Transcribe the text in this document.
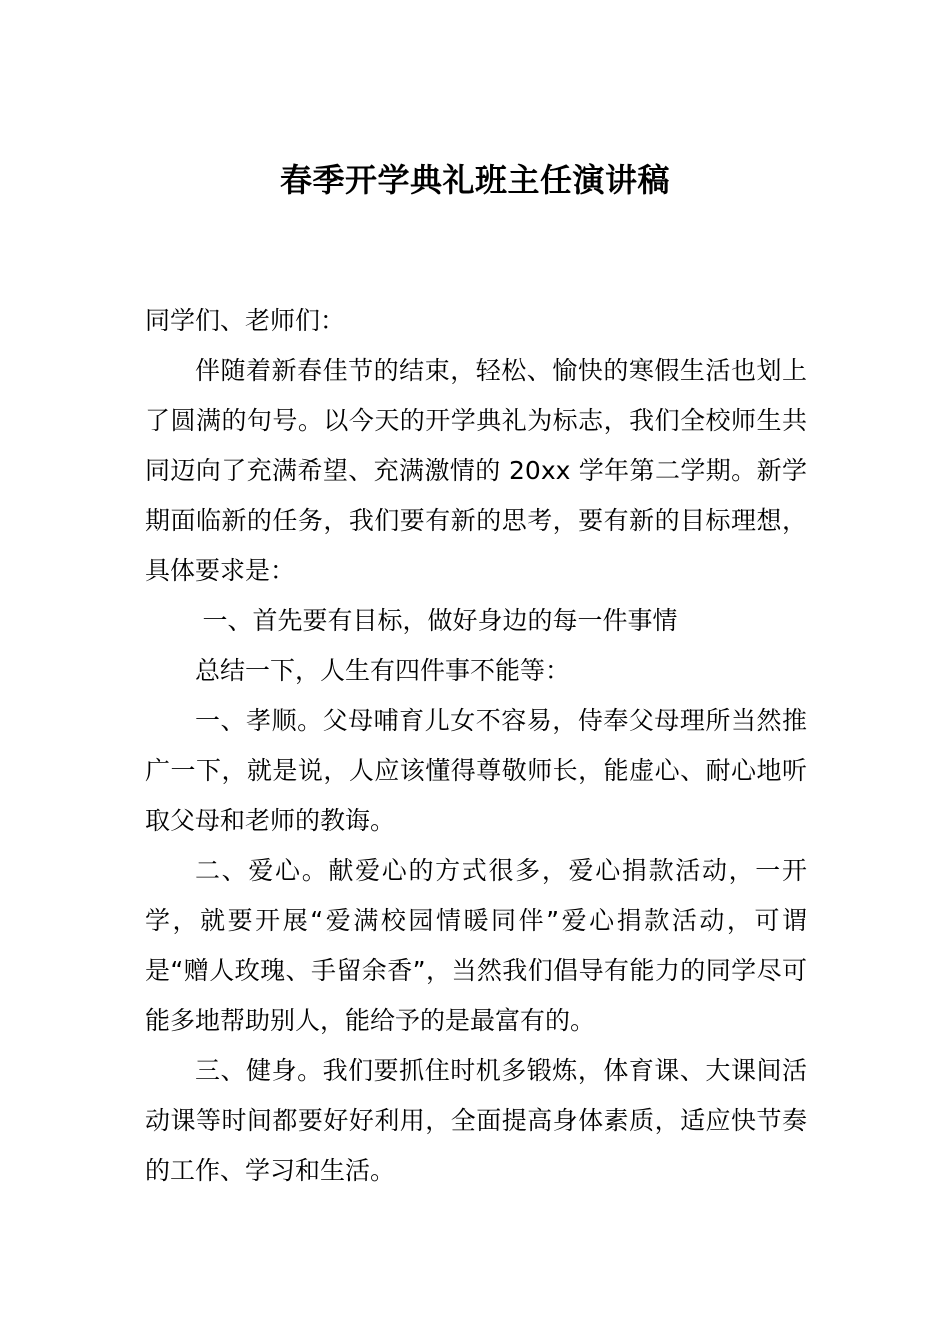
春季开学典礼班主任演讲稿

同学们、老师们：

伴随着新春佳节的结束，轻松、愉快的寒假生活也划上了圆满的句号。以今天的开学典礼为标志，我们全校师生共同迈向了充满希望、充满激情的 20xx 学年第二学期。新学期面临新的任务，我们要有新的思考，要有新的目标理想，具体要求是：

一、首先要有目标，做好身边的每一件事情

总结一下，人生有四件事不能等：

一、孝顺。父母哺育儿女不容易，侍奉父母理所当然推广一下，就是说，人应该懂得尊敬师长，能虚心、耐心地听取父母和老师的教诲。

二、爱心。献爱心的方式很多，爱心捐款活动，一开学，就要开展“爱满校园情暖同伴”爱心捐款活动，可谓是“赠人玫瑰、手留余香”，当然我们倡导有能力的同学尽可能多地帮助别人，能给予的是最富有的。

三、健身。我们要抓住时机多锻炼，体育课、大课间活动课等时间都要好好利用，全面提高身体素质，适应快节奏的工作、学习和生活。
